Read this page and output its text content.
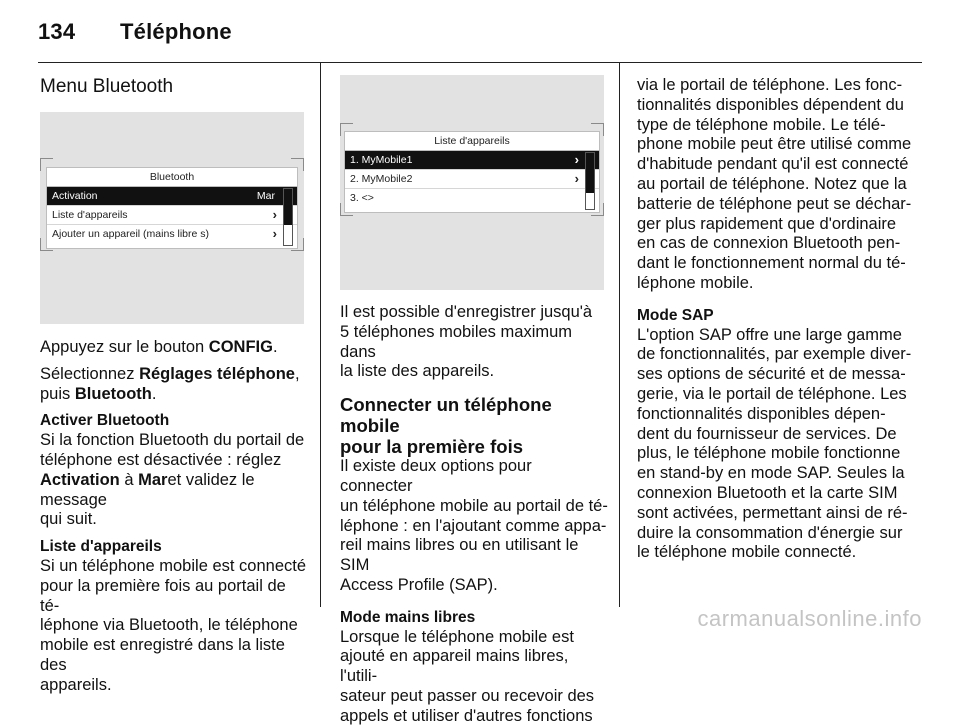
134 Téléphone
Menu Bluetooth
Bluetooth
Activation	Mar
Liste d'appareils	›
Ajouter un appareil (mains libre s)	›

Appuyez sur le bouton CONFIG.

Sélectionnez Réglages téléphone,
puis Bluetooth.

Activer Bluetooth

Si la fonction Bluetooth du portail de
téléphone est désactivée : réglez
Activation à Maret validez le message
qui suit.

Liste d'appareils

Si un téléphone mobile est connecté
pour la première fois au portail de té-
léphone via Bluetooth, le téléphone
mobile est enregistré dans la liste des
appareils.

Liste d'appareils
1. MyMobile1	›
2. MyMobile2	›
3. <>

Il est possible d'enregistrer jusqu'à
5 téléphones mobiles maximum dans
la liste des appareils.

Connecter un téléphone mobile
pour la première fois

Il existe deux options pour connecter
un téléphone mobile au portail de té-
léphone : en l'ajoutant comme appa-
reil mains libres ou en utilisant le SIM
Access Profile (SAP).

Mode mains libres

Lorsque le téléphone mobile est
ajouté en appareil mains libres, l'utili-
sateur peut passer ou recevoir des
appels et utiliser d'autres fonctions

via le portail de téléphone. Les fonc-
tionnalités disponibles dépendent du
type de téléphone mobile. Le télé-
phone mobile peut être utilisé comme
d'habitude pendant qu'il est connecté
au portail de téléphone. Notez que la
batterie de téléphone peut se déchar-
ger plus rapidement que d'ordinaire
en cas de connexion Bluetooth pen-
dant le fonctionnement normal du té-
léphone mobile.

Mode SAP

L'option SAP offre une large gamme
de fonctionnalités, par exemple diver-
ses options de sécurité et de messa-
gerie, via le portail de téléphone. Les
fonctionnalités disponibles dépen-
dent du fournisseur de services. De
plus, le téléphone mobile fonctionne
en stand-by en mode SAP. Seules la
connexion Bluetooth et la carte SIM
sont activées, permettant ainsi de ré-
duire la consommation d'énergie sur
le téléphone mobile connecté.

carmanualsonline.info
